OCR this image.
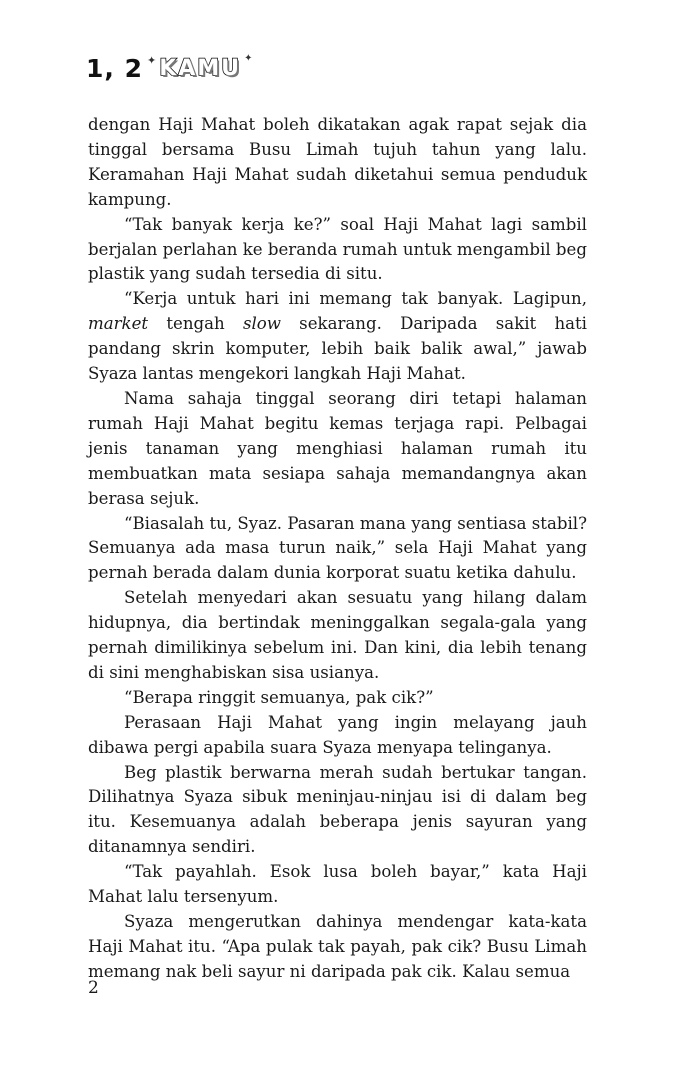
1, 2 ✦ KAMU ✦

dengan Haji Mahat boleh dikatakan agak rapat sejak dia tinggal bersama Busu Limah tujuh tahun yang lalu. Keramahan Haji Mahat sudah diketahui semua penduduk kampung.

“Tak banyak kerja ke?” soal Haji Mahat lagi sambil berjalan perlahan ke beranda rumah untuk mengambil beg plastik yang sudah tersedia di situ.

“Kerja untuk hari ini memang tak banyak. Lagipun, market tengah slow sekarang. Daripada sakit hati pandang skrin komputer, lebih baik balik awal,” jawab Syaza lantas mengekori langkah Haji Mahat.

Nama sahaja tinggal seorang diri tetapi halaman rumah Haji Mahat begitu kemas terjaga rapi. Pelbagai jenis tanaman yang menghiasi halaman rumah itu membuatkan mata sesiapa sahaja memandangnya akan berasa sejuk.

“Biasalah tu, Syaz. Pasaran mana yang sentiasa stabil? Semuanya ada masa turun naik,” sela Haji Mahat yang pernah berada dalam dunia korporat suatu ketika dahulu.

Setelah menyedari akan sesuatu yang hilang dalam hidupnya, dia bertindak meninggalkan segala-gala yang pernah dimilikinya sebelum ini. Dan kini, dia lebih tenang di sini menghabiskan sisa usianya.

“Berapa ringgit semuanya, pak cik?”

Perasaan Haji Mahat yang ingin melayang jauh dibawa pergi apabila suara Syaza menyapa telinganya.

Beg plastik berwarna merah sudah bertukar tangan. Dilihatnya Syaza sibuk meninjau-ninjau isi di dalam beg itu. Kesemuanya adalah beberapa jenis sayuran yang ditanamnya sendiri.

“Tak payahlah. Esok lusa boleh bayar,” kata Haji Mahat lalu tersenyum.

Syaza mengerutkan dahinya mendengar kata-kata Haji Mahat itu. “Apa pulak tak payah, pak cik? Busu Limah memang nak beli sayur ni daripada pak cik. Kalau semua

2
